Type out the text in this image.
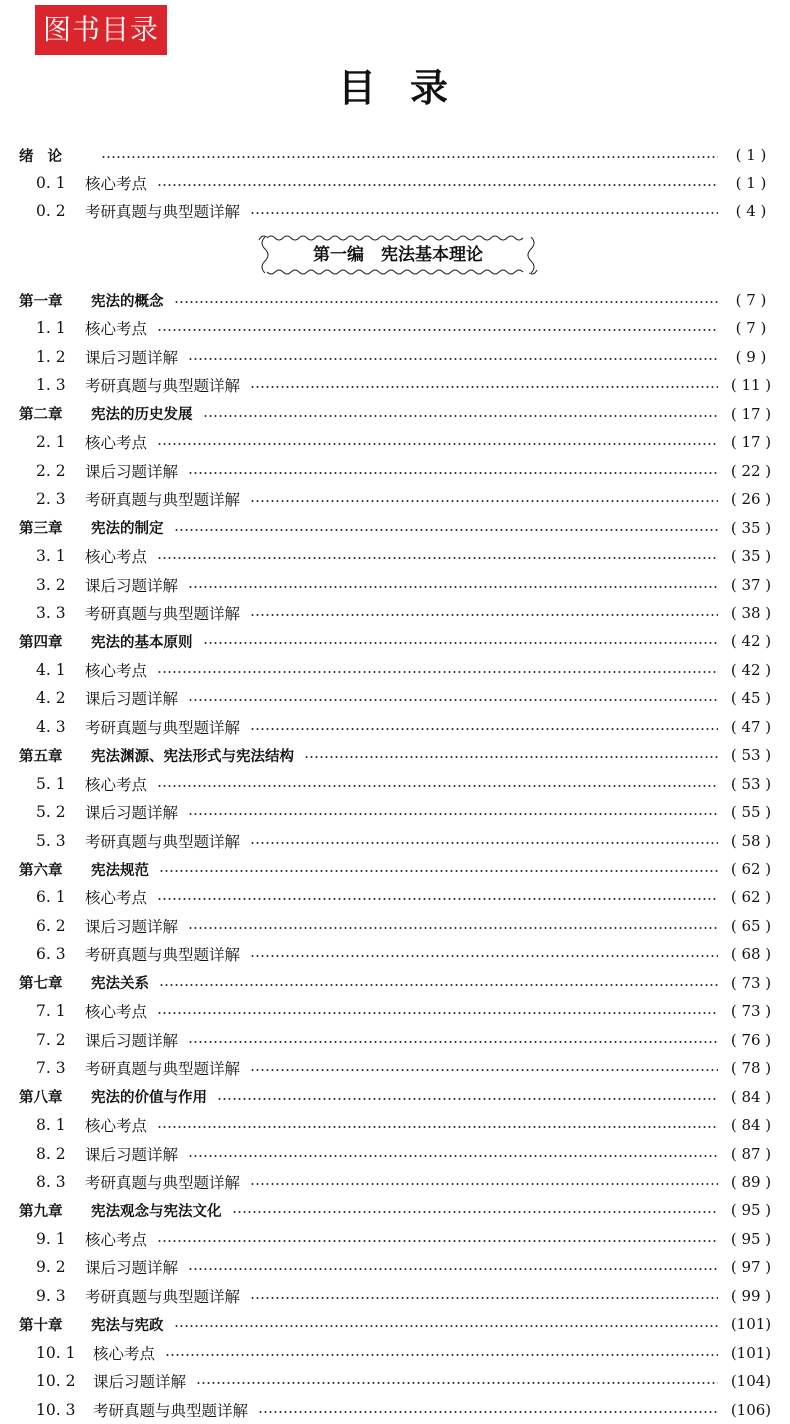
图书目录
目录
绪论	( 1 )
0. 1	核心考点	( 1 )
0. 2	考研真题与典型题详解	( 4 )
第一编　宪法基本理论
第一章	宪法的概念	( 7 )
1. 1	核心考点	( 7 )
1. 2	课后习题详解	( 9 )
1. 3	考研真题与典型题详解	( 11 )
第二章	宪法的历史发展	( 17 )
2. 1	核心考点	( 17 )
2. 2	课后习题详解	( 22 )
2. 3	考研真题与典型题详解	( 26 )
第三章	宪法的制定	( 35 )
3. 1	核心考点	( 35 )
3. 2	课后习题详解	( 37 )
3. 3	考研真题与典型题详解	( 38 )
第四章	宪法的基本原则	( 42 )
4. 1	核心考点	( 42 )
4. 2	课后习题详解	( 45 )
4. 3	考研真题与典型题详解	( 47 )
第五章	宪法渊源、宪法形式与宪法结构	( 53 )
5. 1	核心考点	( 53 )
5. 2	课后习题详解	( 55 )
5. 3	考研真题与典型题详解	( 58 )
第六章	宪法规范	( 62 )
6. 1	核心考点	( 62 )
6. 2	课后习题详解	( 65 )
6. 3	考研真题与典型题详解	( 68 )
第七章	宪法关系	( 73 )
7. 1	核心考点	( 73 )
7. 2	课后习题详解	( 76 )
7. 3	考研真题与典型题详解	( 78 )
第八章	宪法的价值与作用	( 84 )
8. 1	核心考点	( 84 )
8. 2	课后习题详解	( 87 )
8. 3	考研真题与典型题详解	( 89 )
第九章	宪法观念与宪法文化	( 95 )
9. 1	核心考点	( 95 )
9. 2	课后习题详解	( 97 )
9. 3	考研真题与典型题详解	( 99 )
第十章	宪法与宪政	(101)
10. 1	核心考点	(101)
10. 2	课后习题详解	(104)
10. 3	考研真题与典型题详解	(106)
